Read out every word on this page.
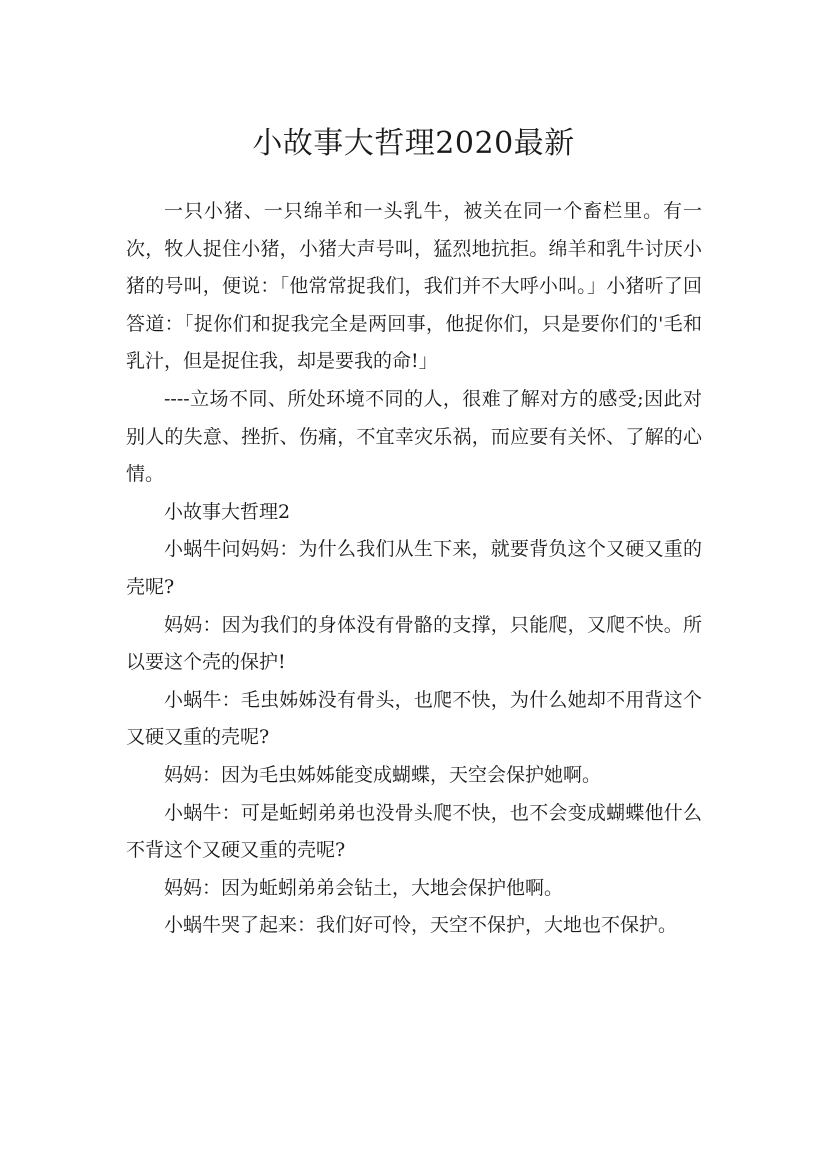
小故事大哲理2020最新

一只小猪、一只绵羊和一头乳牛，被关在同一个畜栏里。有一次，牧人捉住小猪，小猪大声号叫，猛烈地抗拒。绵羊和乳牛讨厌小猪的号叫，便说：「他常常捉我们，我们并不大呼小叫。」小猪听了回答道：「捉你们和捉我完全是两回事，他捉你们，只是要你们的'毛和乳汁，但是捉住我，却是要我的命!」

----立场不同、所处环境不同的人，很难了解对方的感受;因此对别人的失意、挫折、伤痛，不宜幸灾乐祸，而应要有关怀、了解的心情。

小故事大哲理2

小蜗牛问妈妈：为什么我们从生下来，就要背负这个又硬又重的壳呢?

妈妈：因为我们的身体没有骨骼的支撑，只能爬，又爬不快。所以要这个壳的保护!

小蜗牛：毛虫姊姊没有骨头，也爬不快，为什么她却不用背这个又硬又重的壳呢?

妈妈：因为毛虫姊姊能变成蝴蝶，天空会保护她啊。

小蜗牛：可是蚯蚓弟弟也没骨头爬不快，也不会变成蝴蝶他什么不背这个又硬又重的壳呢?

妈妈：因为蚯蚓弟弟会钻土，大地会保护他啊。

小蜗牛哭了起来：我们好可怜，天空不保护，大地也不保护。
